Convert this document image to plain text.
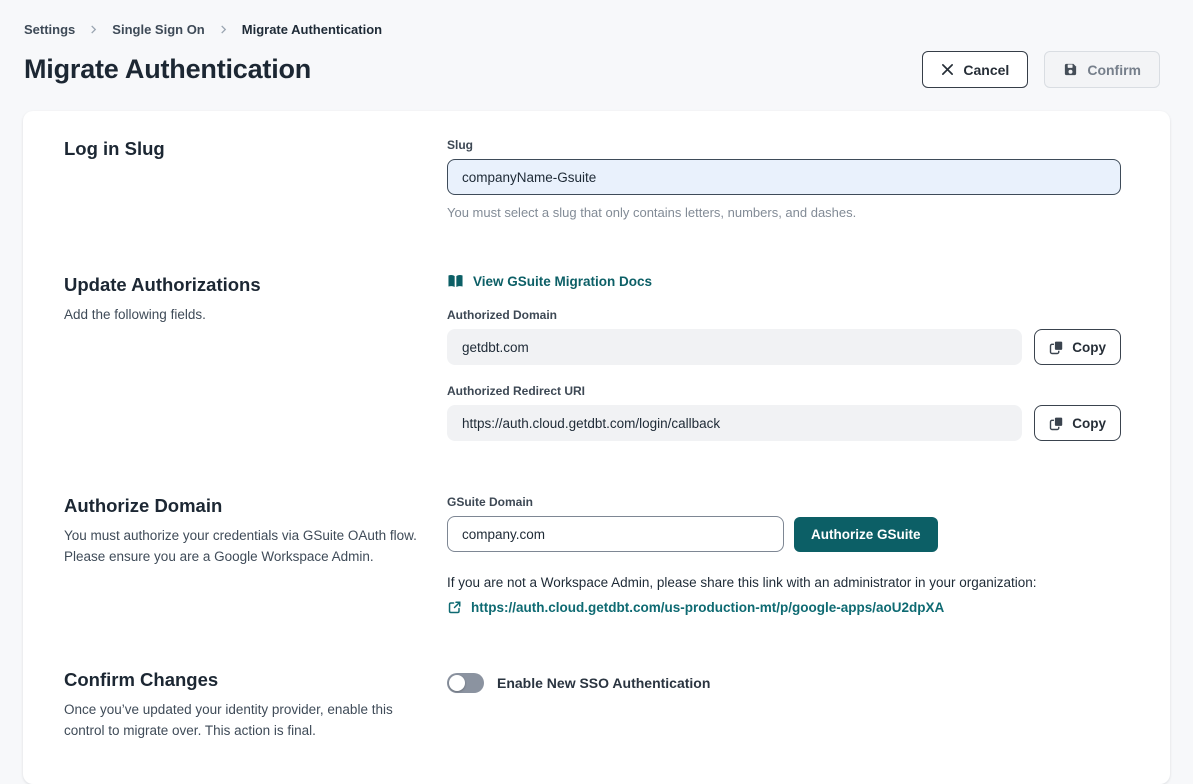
Settings	Single Sign On	Migrate Authentication
Migrate Authentication	Cancel	Confirm
Log in Slug	Slug
companyName-Gsuite
You must select a slug that only contains letters, numbers, and dashes.
Update Authorizations

Add the following fields.

View GSuite Migration Docs
Authorized Domain
getdbt.com
Copy
Authorized Redirect URI
https://auth.cloud.getdbt.com/login/callback
Copy
Authorize Domain

You must authorize your credentials via GSuite OAuth flow. Please ensure you are a Google Workspace Admin.

GSuite Domain
company.com
Authorize GSuite

If you are not a Workspace Admin, please share this link with an administrator in your organization:

https://auth.cloud.getdbt.com/us-production-mt/p/google-apps/aoU2dpXA
Confirm Changes

Once you’ve updated your identity provider, enable this control to migrate over. This action is final.

Enable New SSO Authentication
